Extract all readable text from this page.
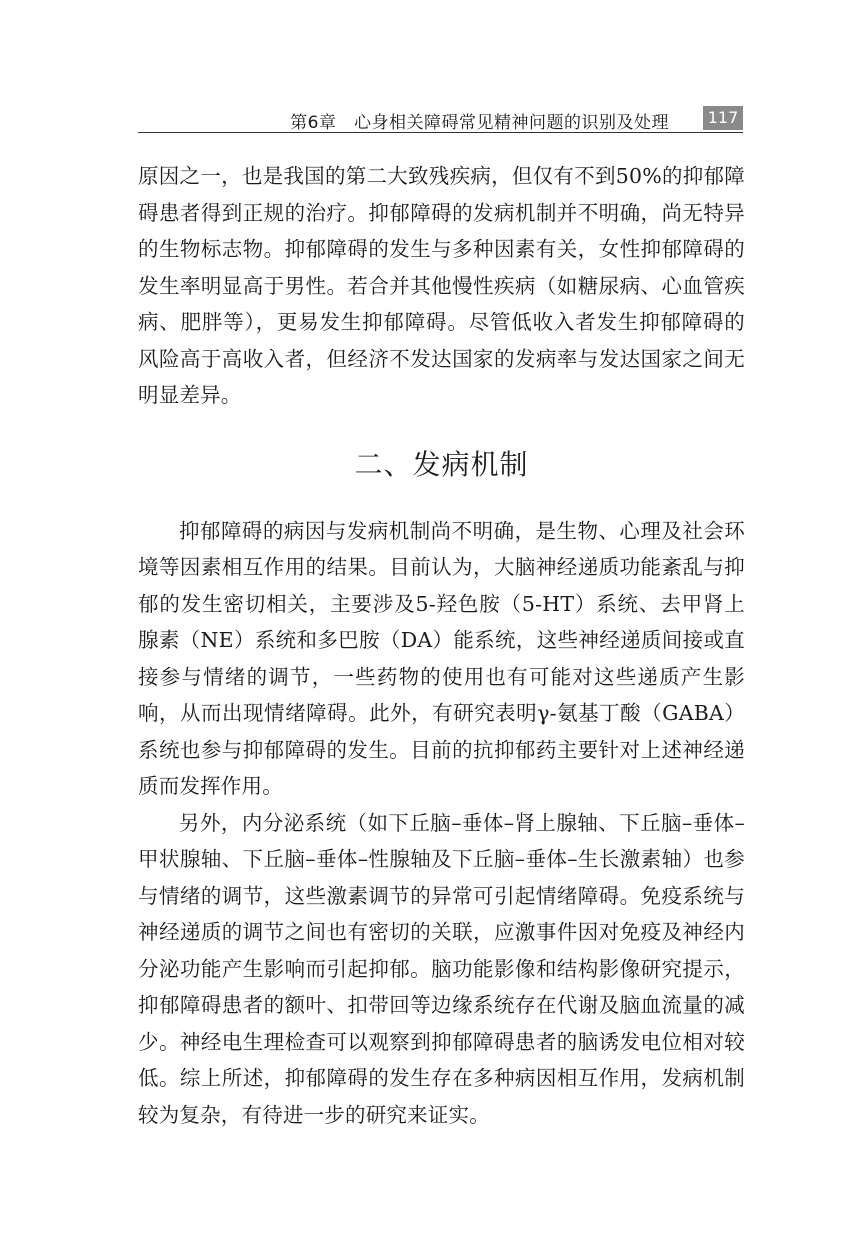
第6章　心身相关障碍常见精神问题的识别及处理 117

原因之一，也是我国的第二大致残疾病，但仅有不到50%的抑郁障碍患者得到正规的治疗。抑郁障碍的发病机制并不明确，尚无特异的生物标志物。抑郁障碍的发生与多种因素有关，女性抑郁障碍的发生率明显高于男性。若合并其他慢性疾病（如糖尿病、心血管疾病、肥胖等），更易发生抑郁障碍。尽管低收入者发生抑郁障碍的风险高于高收入者，但经济不发达国家的发病率与发达国家之间无明显差异。

二、发病机制

抑郁障碍的病因与发病机制尚不明确，是生物、心理及社会环境等因素相互作用的结果。目前认为，大脑神经递质功能紊乱与抑郁的发生密切相关，主要涉及5-羟色胺（5-HT）系统、去甲肾上腺素（NE）系统和多巴胺（DA）能系统，这些神经递质间接或直接参与情绪的调节，一些药物的使用也有可能对这些递质产生影响，从而出现情绪障碍。此外，有研究表明γ-氨基丁酸（GABA）系统也参与抑郁障碍的发生。目前的抗抑郁药主要针对上述神经递质而发挥作用。

另外，内分泌系统（如下丘脑–垂体–肾上腺轴、下丘脑–垂体–甲状腺轴、下丘脑–垂体–性腺轴及下丘脑–垂体–生长激素轴）也参与情绪的调节，这些激素调节的异常可引起情绪障碍。免疫系统与神经递质的调节之间也有密切的关联，应激事件因对免疫及神经内分泌功能产生影响而引起抑郁。脑功能影像和结构影像研究提示，抑郁障碍患者的额叶、扣带回等边缘系统存在代谢及脑血流量的减少。神经电生理检查可以观察到抑郁障碍患者的脑诱发电位相对较低。综上所述，抑郁障碍的发生存在多种病因相互作用，发病机制较为复杂，有待进一步的研究来证实。
